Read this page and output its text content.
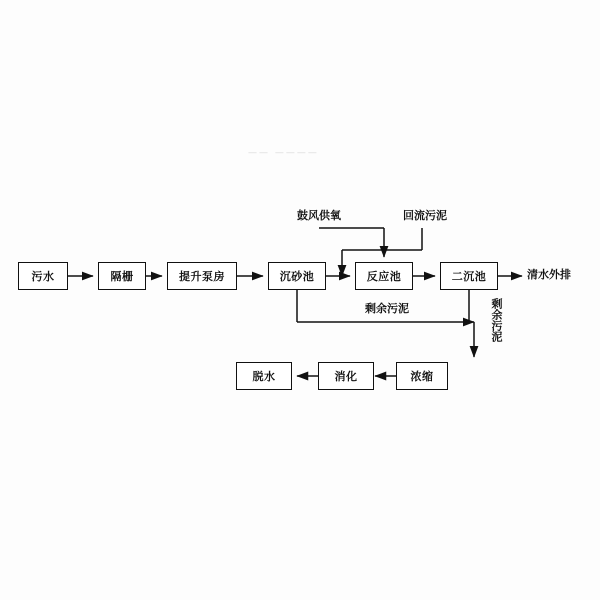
—— ————
污水	隔栅	提升泵房	沉砂池	反应池	二沉池
脱水	消化	浓缩
鼓风供氧	回流污泥
剩余污泥	剩余污泥
清水外排
